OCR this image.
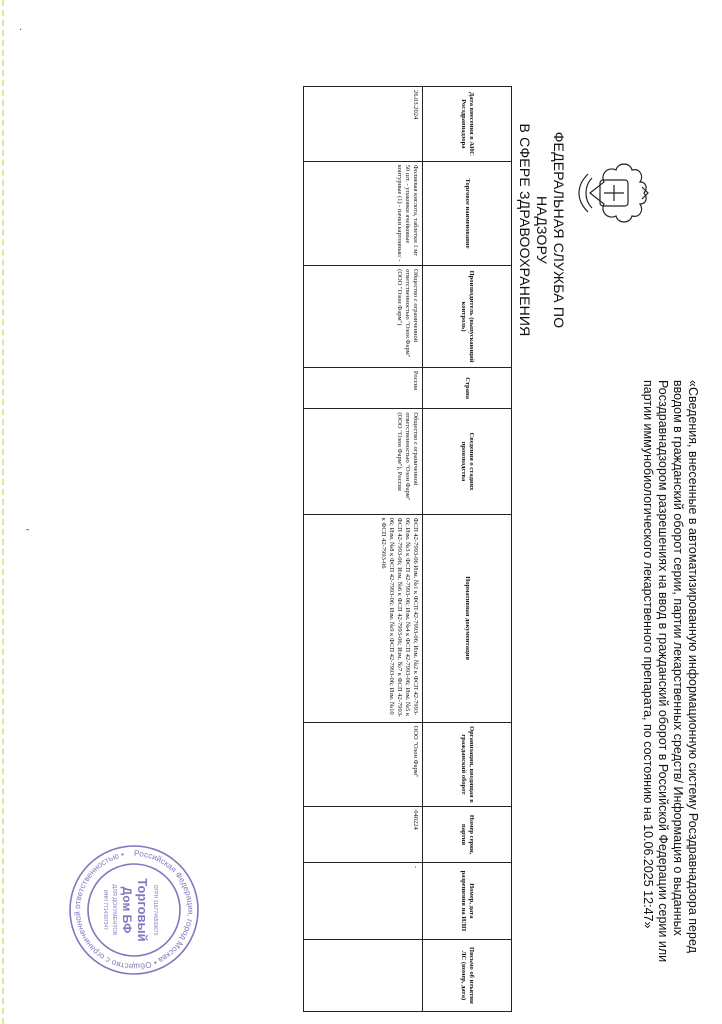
.
‘
ФЕДЕРАЛЬНАЯ СЛУЖБА ПО НАДЗОРУ
В СФЕРЕ ЗДРАВООХРАНЕНИЯ
«Сведения, внесенные в автоматизированную информационную систему Росздравнадзора перед вводом в гражданский оборот серии, партии лекарственных средств/ Информация о выданных Росздравнадзором разрешениях на ввод в гражданский оборот в Российской Федерации серии или партии иммунобиологического лекарственного препарата, по состоянию на 10.06.2025 12:47»
Дата внесения в АИС Росздравнадзора	Торговое наименование	Производитель (выпускающий контроль)	Страна	Сведения о стадиях производства	Нормативная документация	Организация, вводящая в гражданский оборот	Номер серии, партии	Номер, дата разрешения на ИЛП	Письмо об изъятии ЛС (номер, дата)
26.03.2024	Фолиевая кислота, таблетки 1 мг 50 шт. - упаковки ячейковые контурные (1) - пачки картонные/ -	Общество с ограниченной ответственностью "Озон Фарм" (ООО "Озон Фарм")	Россия	Общество с ограниченной ответственностью "Озон Фарм" (ООО "Озон Фарм"), Россия	ФСП 42-7993-06 Изм. №1 к ФСП 42-7993-06; Изм. №2 к ФСП 42-7993-06; Изм. №3 к ФСП 42-7993-06; Изм. №4 к ФСП 42-7993-06; Изм. №5 к ФСП 42-7993-06; Изм. №6 к ФСП 42-7993-06; Изм. №7 к ФСП 42-7993-06; Изм. №8 к ФСП 42-7993-06; Изм. №9 к ФСП 42-7993-06; Изм. №10 к ФСП 42-7993-06	ООО "Озон Фарм"	040224	-	
Российская Федерация, город Москва • Общество с ограниченной ответственностью •
ОГРН 1167746509670
Торговый
Дом БФ
ДЛЯ ДОКУМЕНТОВ
ИНН 7714397347
